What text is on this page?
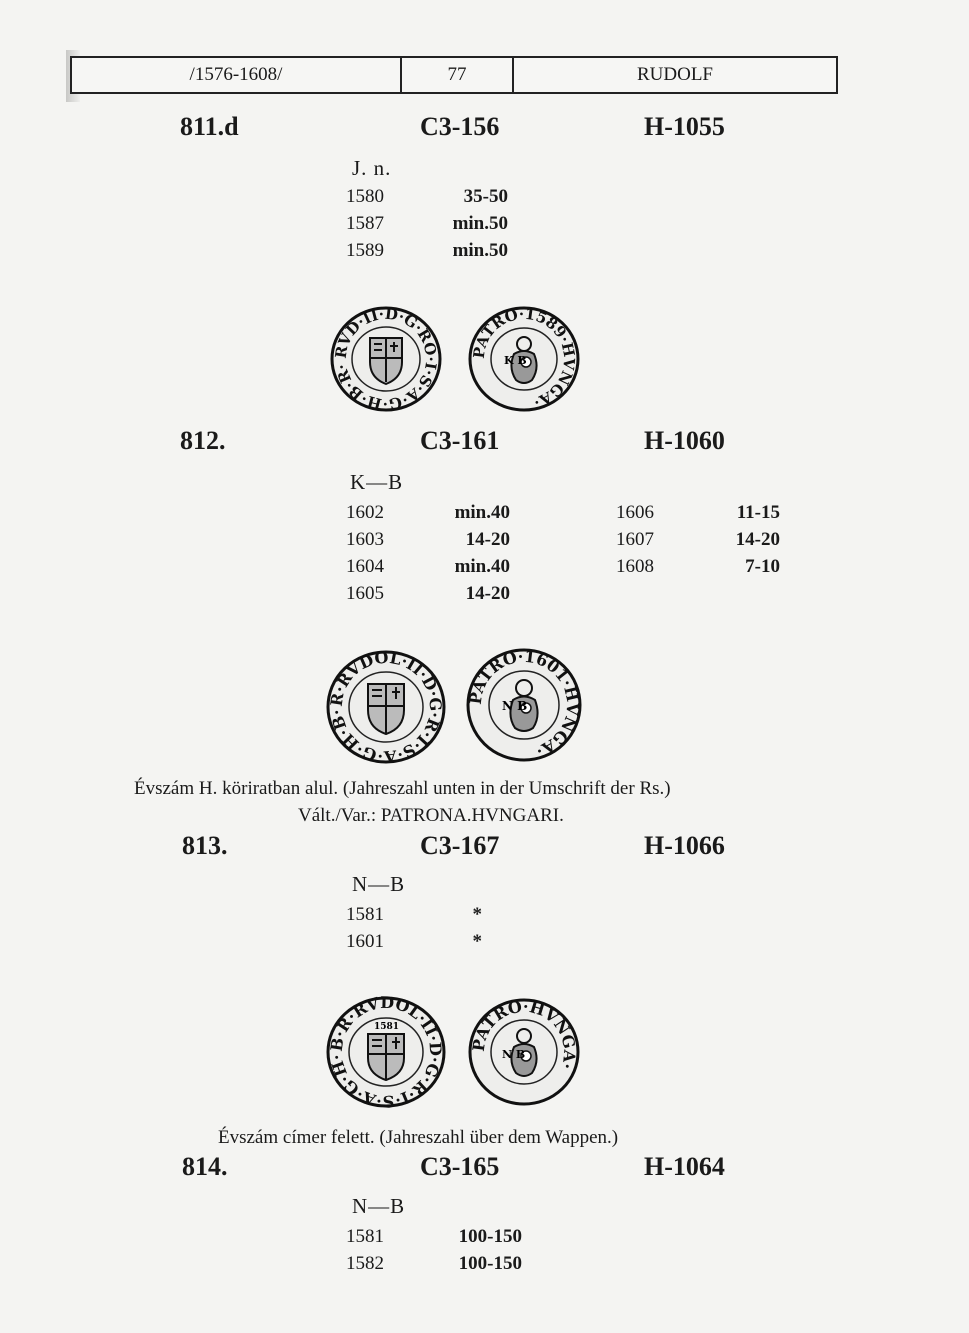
/1576-1608/	77	RUDOLF
811.d	C3-156	H-1055
J. n.
1580	35-50
1587	min.50
1589	min.50
RVD·II·D·G·RO·I·S·A·G·H·B·R·
PATRO·1589·HVNGA·
K B
812.	C3-161	H-1060
K—B
1602	min.40
1603	14-20
1604	min.40
1605	14-20
1606	11-15
1607	14-20
1608	7-10
R·RVDOL·II·D·G·R·I·S·A·G·H·B·
PATRO·1601·HVNGA·
N B
Évszám H. köriratban alul. (Jahreszahl unten in der Umschrift der Rs.)
Vált./Var.: PATRONA.HVNGARI.
813.	C3-167	H-1066
N—B
1581	*
1601	*
B·R·RVDOL·II·D·G·R·I·S·A·G·H·
1581
PATRO·HVNGA·
N B
Évszám címer felett. (Jahreszahl über dem Wappen.)
814.	C3-165	H-1064
N—B
1581	100-150
1582	100-150
